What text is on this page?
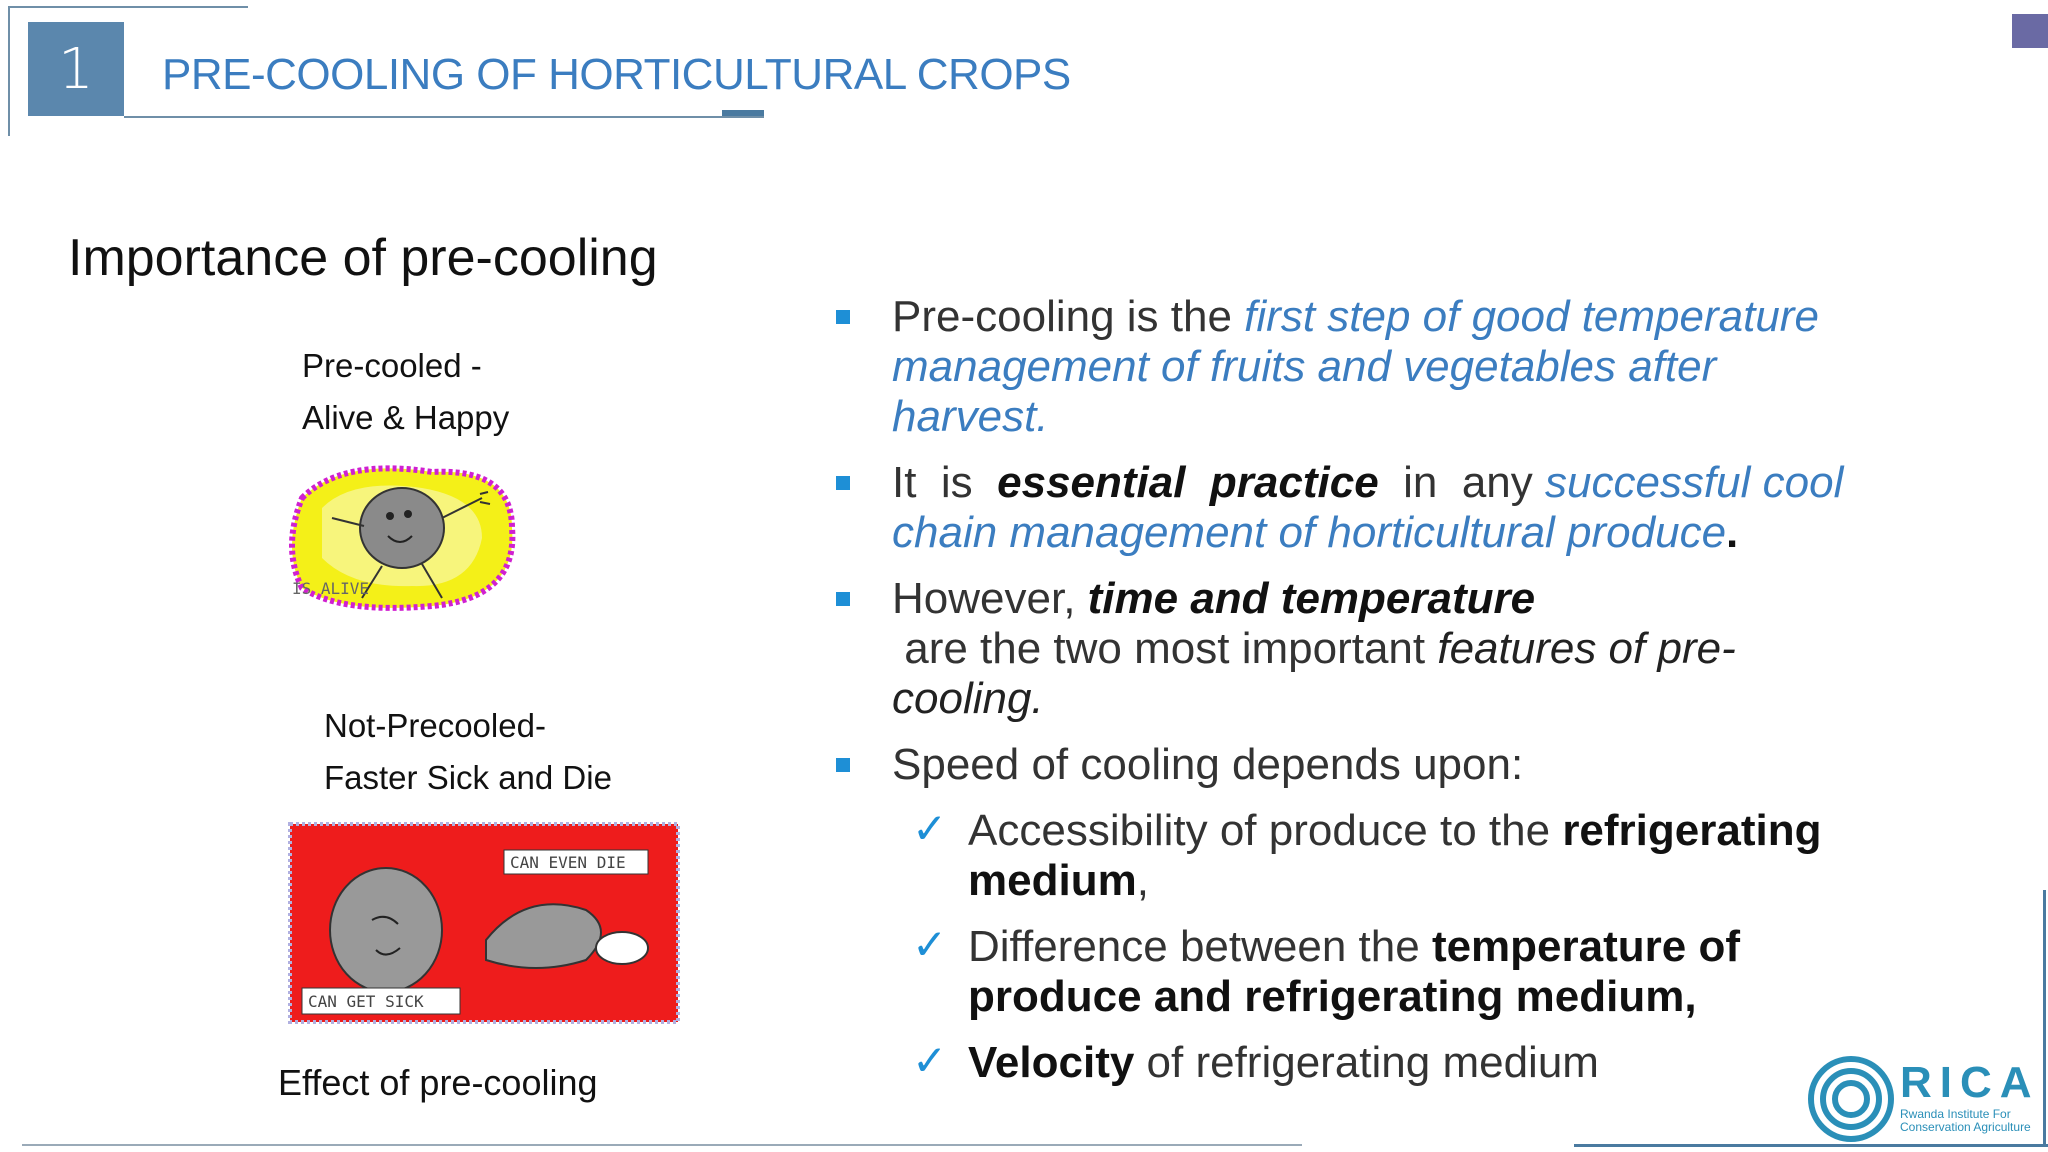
1 PRE-COOLING OF HORTICULTURAL CROPS
Importance of pre-cooling
Pre-cooled -
Alive & Happy
IS ALIVE
Not-Precooled-
Faster Sick and Die
CAN EVEN DIE
CAN GET SICK
Effect of pre-cooling

Pre-cooling is the first step of good temperature management of fruits and vegetables after harvest.

It  is  essential  practice  in  any successful cool chain management of horticultural produce.

However, time and temperature are the two most important features of pre-cooling.

Speed of cooling depends upon:

✓ Accessibility of produce to the refrigerating medium,

✓ Difference between the temperature of produce and refrigerating medium,

✓ Velocity of refrigerating medium	RICA
Rwanda Institute For
Conservation Agriculture
